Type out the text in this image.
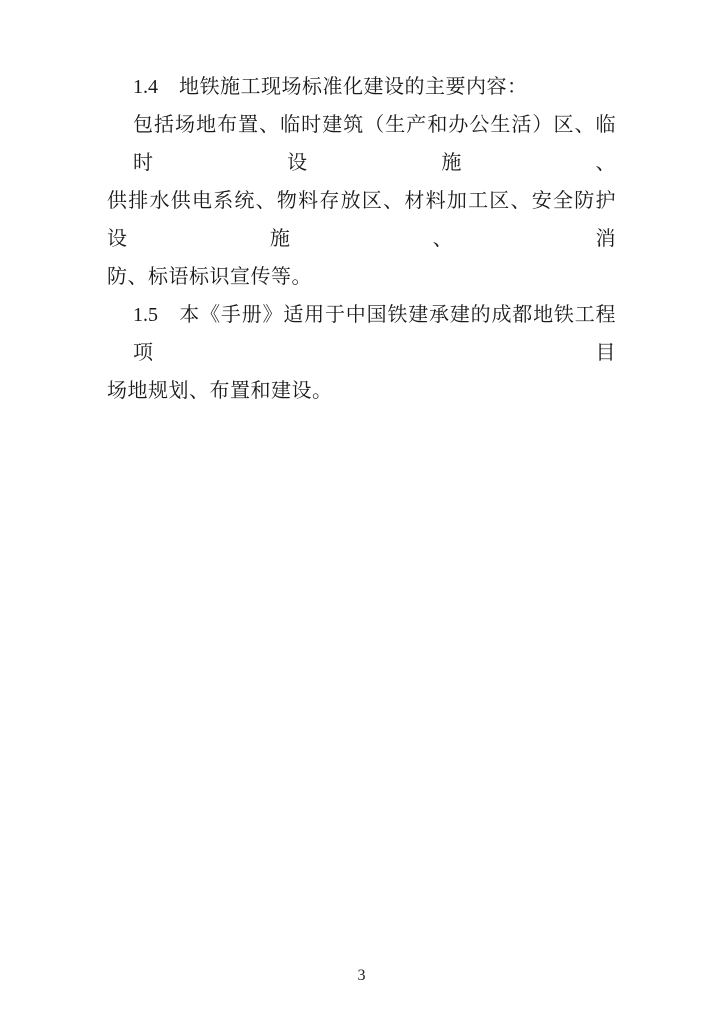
1.4 地铁施工现场标准化建设的主要内容：
包括场地布置、临时建筑（生产和办公生活）区、临时设施、
供排水供电系统、物料存放区、材料加工区、安全防护设施、消
防、标语标识宣传等。
1.5 本《手册》适用于中国铁建承建的成都地铁工程项目
场地规划、布置和建设。
3
